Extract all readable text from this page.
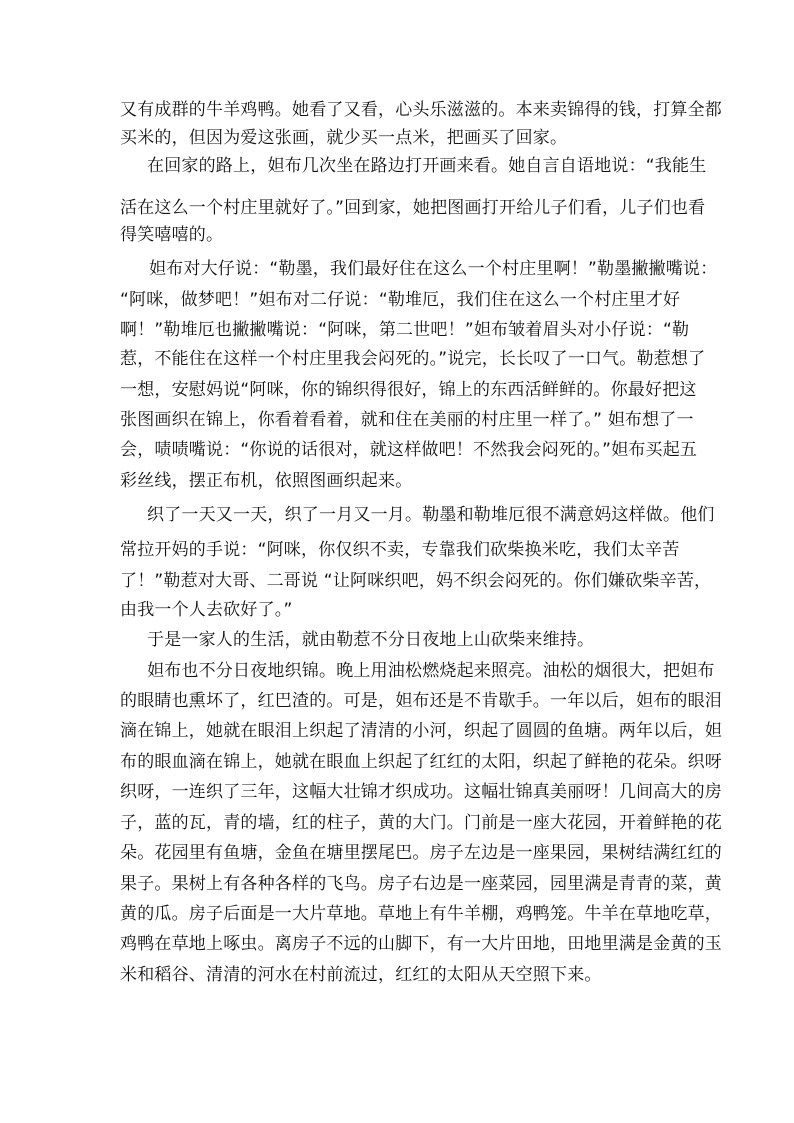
又有成群的牛羊鸡鸭。她看了又看，心头乐滋滋的。本来卖锦得的钱，打算全都
买米的，但因为爱这张画，就少买一点米，把画买了回家。
在回家的路上，妲布几次坐在路边打开画来看。她自言自语地说：“我能生
活在这么一个村庄里就好了。”回到家，她把图画打开给儿子们看，儿子们也看
得笑嘻嘻的。
妲布对大仔说：“勒墨，我们最好住在这么一个村庄里啊！”勒墨撇撇嘴说：
“阿咪，做梦吧！”妲布对二仔说：“勒堆厄，我们住在这么一个村庄里才好
啊！”勒堆厄也撇撇嘴说：“阿咪，第二世吧！”妲布皱着眉头对小仔说：“勒
惹，不能住在这样一个村庄里我会闷死的。”说完，长长叹了一口气。勒惹想了
一想，安慰妈说“阿咪，你的锦织得很好，锦上的东西活鲜鲜的。你最好把这
张图画织在锦上，你看着看着，就和住在美丽的村庄里一样了。” 妲布想了一
会，啧啧嘴说：“你说的话很对，就这样做吧！不然我会闷死的。”妲布买起五
彩丝线，摆正布机，依照图画织起来。
织了一天又一天，织了一月又一月。勒墨和勒堆厄很不满意妈这样做。他们
常拉开妈的手说：“阿咪，你仅织不卖，专靠我们砍柴换米吃，我们太辛苦
了！”勒惹对大哥、二哥说 “让阿咪织吧，妈不织会闷死的。你们嫌砍柴辛苦，
由我一个人去砍好了。”
于是一家人的生活，就由勒惹不分日夜地上山砍柴来维持。
妲布也不分日夜地织锦。晚上用油松燃烧起来照亮。油松的烟很大，把妲布
的眼睛也熏坏了，红巴渣的。可是，妲布还是不肯歇手。一年以后，妲布的眼泪
滴在锦上，她就在眼泪上织起了清清的小河，织起了圆圆的鱼塘。两年以后，妲
布的眼血滴在锦上，她就在眼血上织起了红红的太阳，织起了鲜艳的花朵。织呀
织呀，一连织了三年，这幅大壮锦才织成功。这幅壮锦真美丽呀！几间高大的房
子，蓝的瓦，青的墙，红的柱子，黄的大门。门前是一座大花园，开着鲜艳的花
朵。花园里有鱼塘，金鱼在塘里摆尾巴。房子左边是一座果园，果树结满红红的
果子。果树上有各种各样的飞鸟。房子右边是一座菜园，园里满是青青的菜，黄
黄的瓜。房子后面是一大片草地。草地上有牛羊棚，鸡鸭笼。牛羊在草地吃草，
鸡鸭在草地上啄虫。离房子不远的山脚下，有一大片田地，田地里满是金黄的玉
米和稻谷、清清的河水在村前流过，红红的太阳从天空照下来。
